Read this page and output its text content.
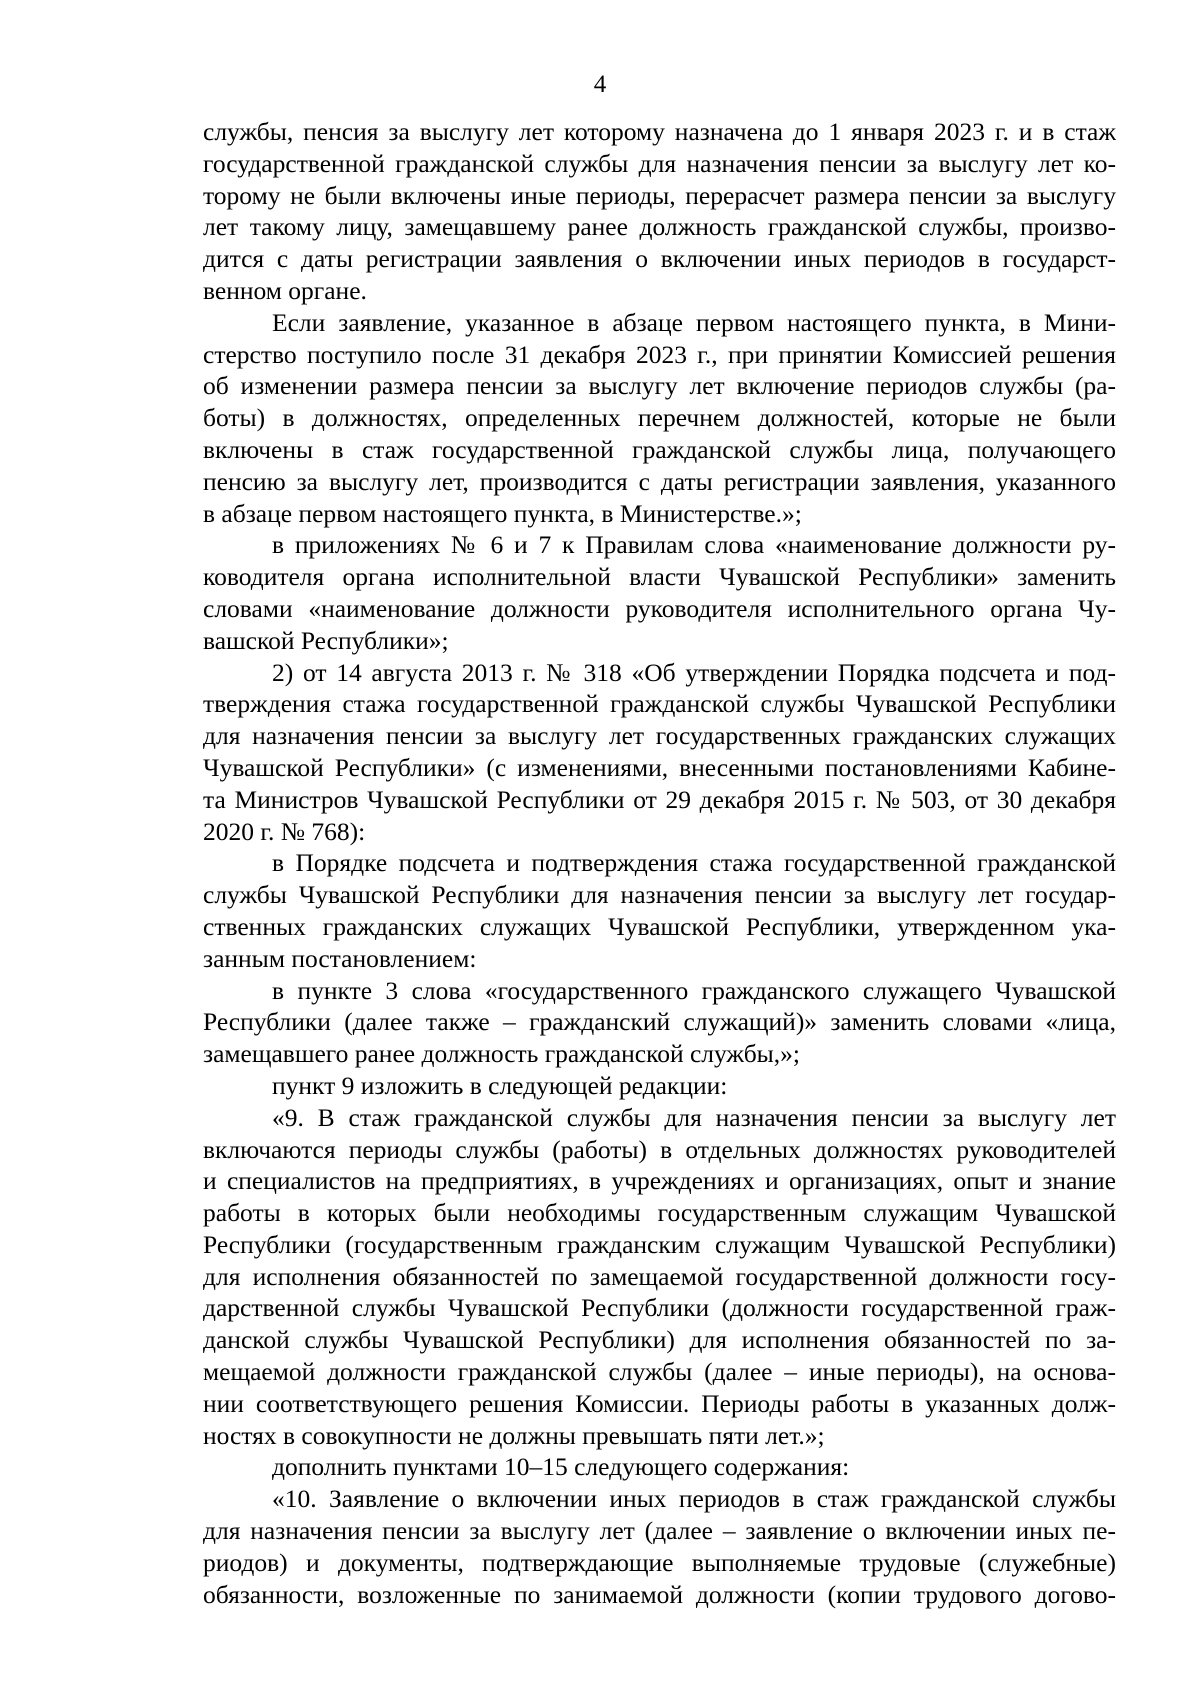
4
службы, пенсия за выслугу лет которому назначена до 1 января 2023 г. и в стаж
государственной гражданской службы для назначения пенсии за выслугу лет ко-
торому не были включены иные периоды, перерасчет размера пенсии за выслугу
лет такому лицу, замещавшему ранее должность гражданской службы, произво-
дится с даты регистрации заявления о включении иных периодов в государст-
венном органе.
Если заявление, указанное в абзаце первом настоящего пункта, в Мини-
стерство поступило после 31 декабря 2023 г., при принятии Комиссией решения
об изменении размера пенсии за выслугу лет включение периодов службы (ра-
боты) в должностях, определенных перечнем должностей, которые не были
включены в стаж государственной гражданской службы лица, получающего
пенсию за выслугу лет, производится с даты регистрации заявления, указанного
в абзаце первом настоящего пункта, в Министерстве.»;
в приложениях № 6 и 7 к Правилам слова «наименование должности ру-
ководителя органа исполнительной власти Чувашской Республики» заменить
словами «наименование должности руководителя исполнительного органа Чу-
вашской Республики»;
2) от 14 августа 2013 г. № 318 «Об утверждении Порядка подсчета и под-
тверждения стажа государственной гражданской службы Чувашской Республики
для назначения пенсии за выслугу лет государственных гражданских служащих
Чувашской Республики» (с изменениями, внесенными постановлениями Кабине-
та Министров Чувашской Республики от 29 декабря 2015 г. № 503, от 30 декабря
2020 г. № 768):
в Порядке подсчета и подтверждения стажа государственной гражданской
службы Чувашской Республики для назначения пенсии за выслугу лет государ-
ственных гражданских служащих Чувашской Республики, утвержденном ука-
занным постановлением:
в пункте 3 слова «государственного гражданского служащего Чувашской
Республики (далее также – гражданский служащий)» заменить словами «лица,
замещавшего ранее должность гражданской службы,»;
пункт 9 изложить в следующей редакции:
«9. В стаж гражданской службы для назначения пенсии за выслугу лет
включаются периоды службы (работы) в отдельных должностях руководителей
и специалистов на предприятиях, в учреждениях и организациях, опыт и знание
работы в которых были необходимы государственным служащим Чувашской
Республики (государственным гражданским служащим Чувашской Республики)
для исполнения обязанностей по замещаемой государственной должности госу-
дарственной службы Чувашской Республики (должности государственной граж-
данской службы Чувашской Республики) для исполнения обязанностей по за-
мещаемой должности гражданской службы (далее – иные периоды), на основа-
нии соответствующего решения Комиссии. Периоды работы в указанных долж-
ностях в совокупности не должны превышать пяти лет.»;
дополнить пунктами 10–15 следующего содержания:
«10. Заявление о включении иных периодов в стаж гражданской службы
для назначения пенсии за выслугу лет (далее – заявление о включении иных пе-
риодов) и документы, подтверждающие выполняемые трудовые (служебные)
обязанности, возложенные по занимаемой должности (копии трудового догово-
